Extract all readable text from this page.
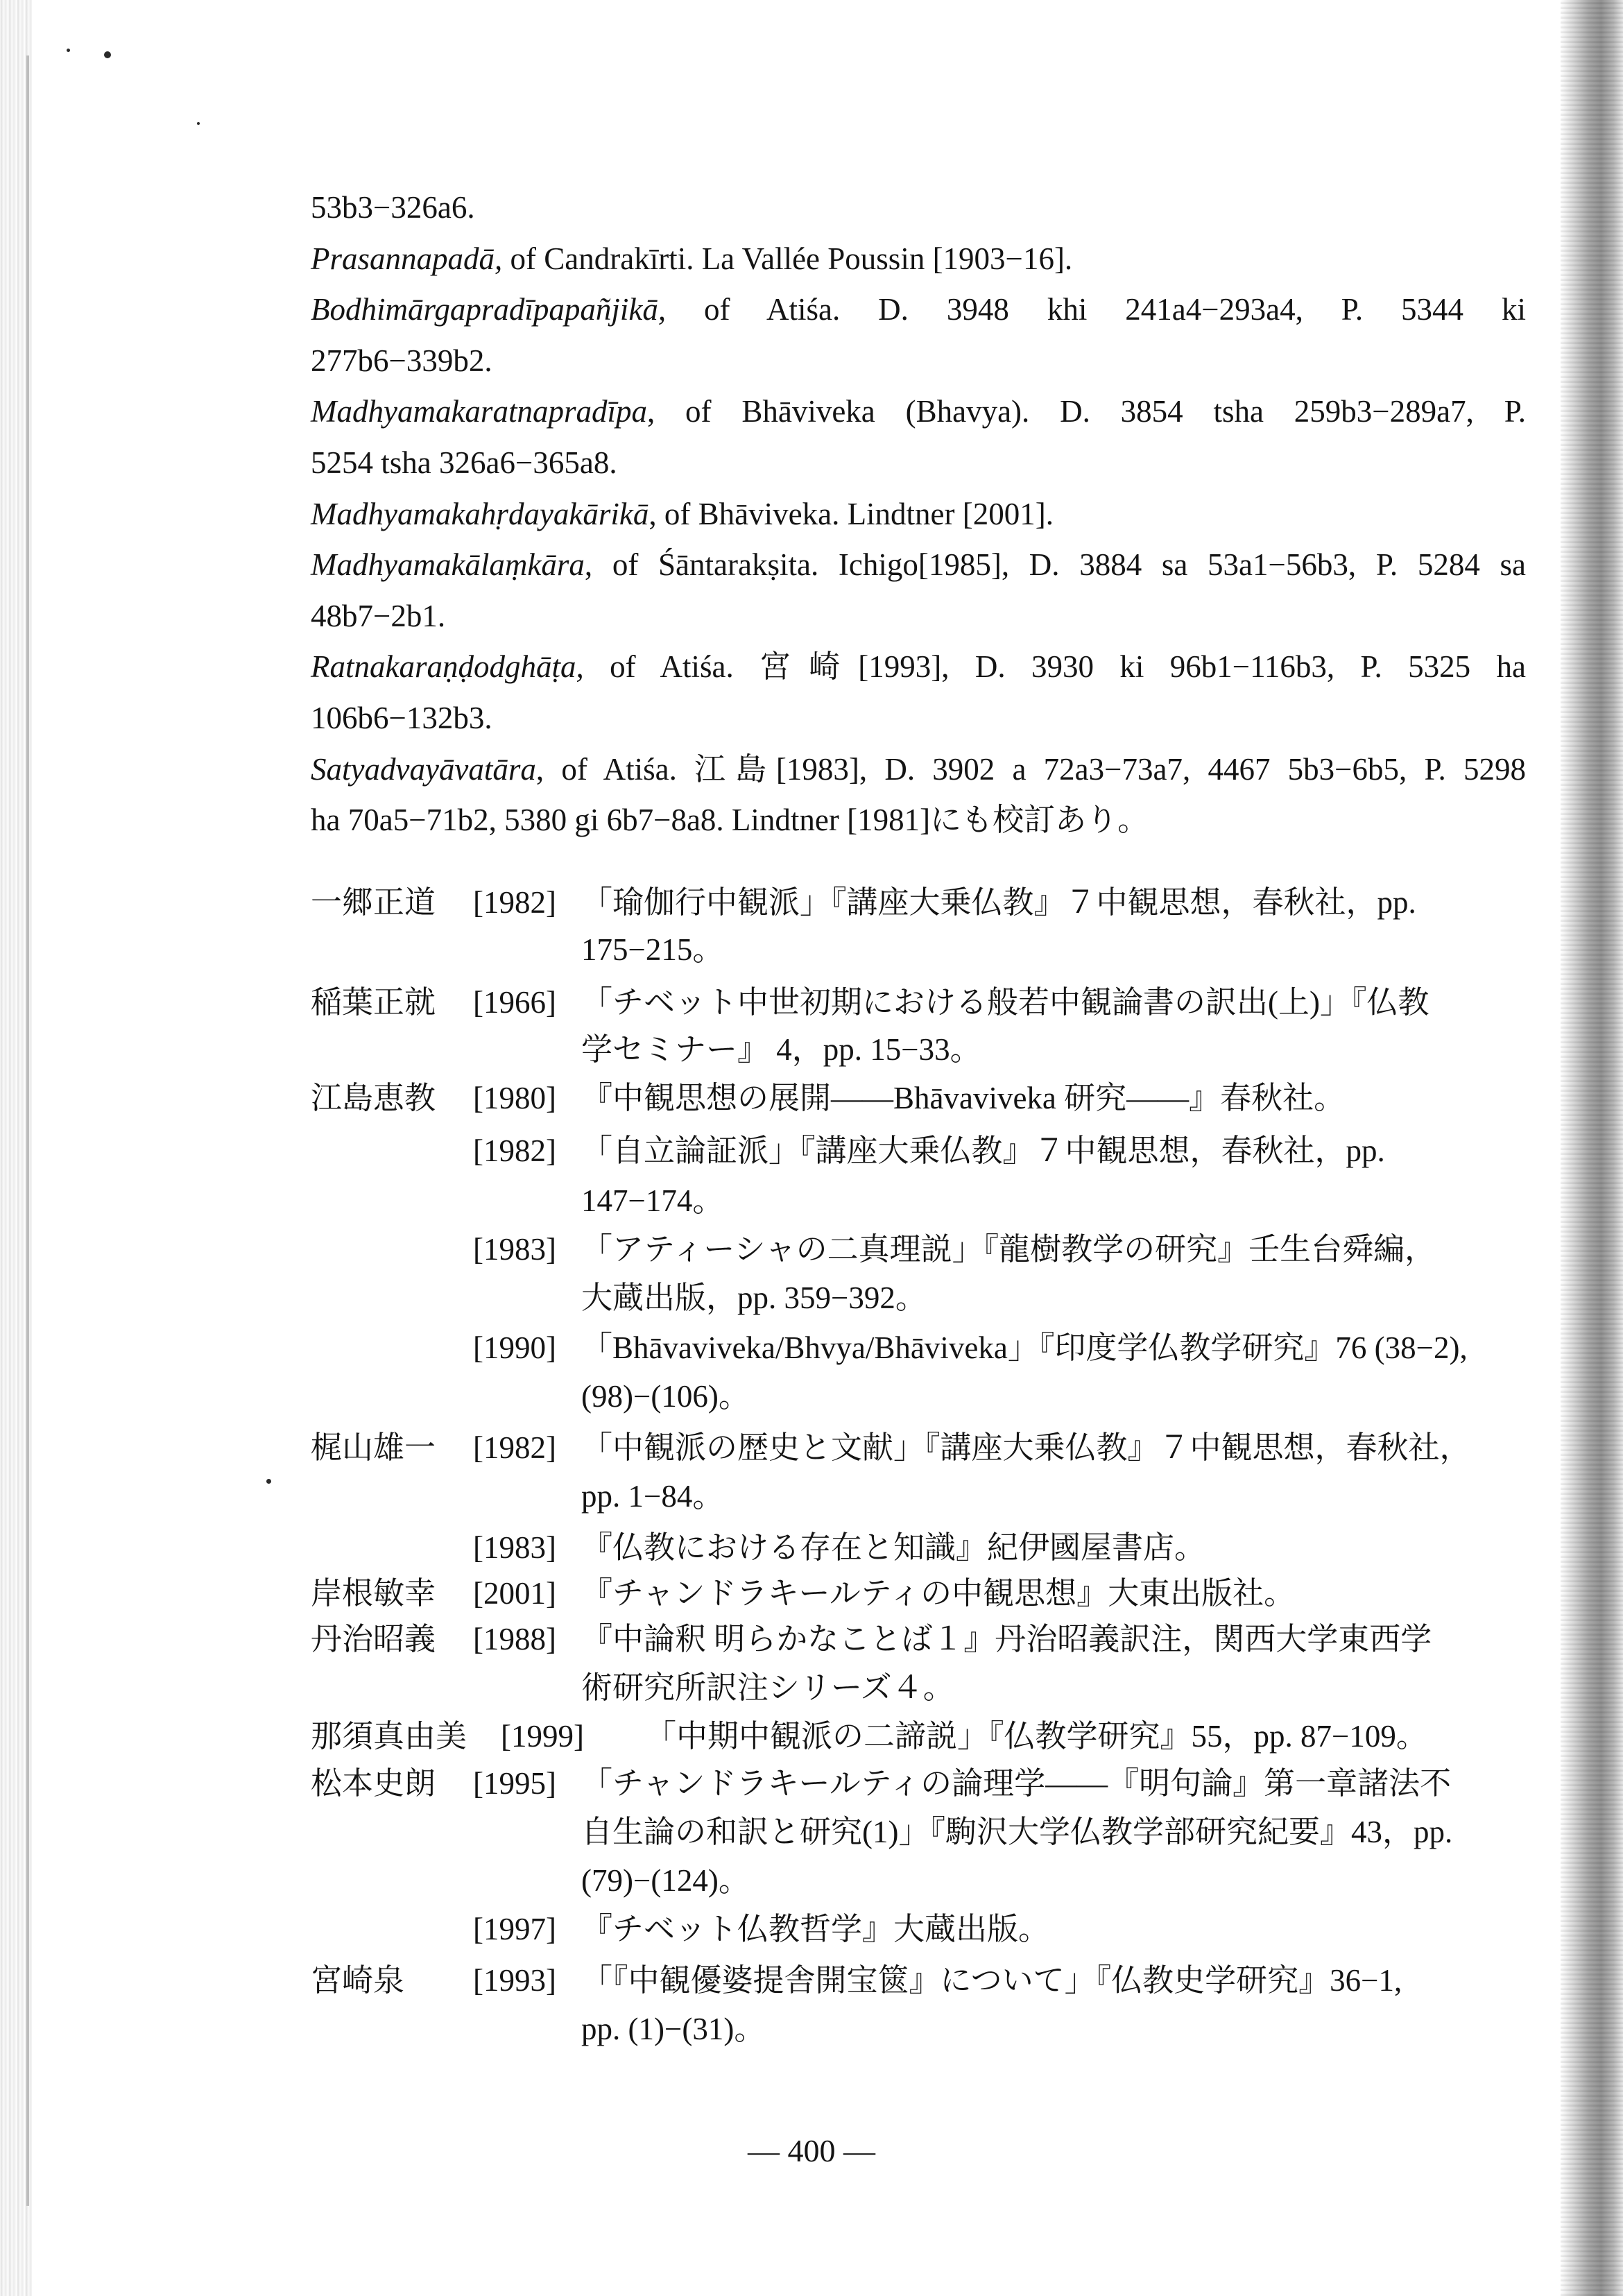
53b3−326a6.
Prasannapadā, of Candrakīrti. La Vallée Poussin [1903−16].
Bodhimārgapradīpapañjikā, of Atiśa. D. 3948 khi 241a4−293a4, P. 5344 ki
277b6−339b2.
Madhyamakaratnapradīpa, of Bhāviveka (Bhavya). D. 3854 tsha 259b3−289a7, P.
5254 tsha 326a6−365a8.
Madhyamakahṛdayakārikā, of Bhāviveka. Lindtner [2001].
Madhyamakālaṃkāra, of Śāntarakṣita. Ichigo[1985], D. 3884 sa 53a1−56b3, P. 5284 sa
48b7−2b1.
Ratnakaraṇḍodghāṭa, of Atiśa. 宮崎[1993], D. 3930 ki 96b1−116b3, P. 5325 ha
106b6−132b3.
Satyadvayāvatāra, of Atiśa. 江島[1983], D. 3902 a 72a3−73a7, 4467 5b3−6b5, P. 5298
ha 70a5−71b2, 5380 gi 6b7−8a8. Lindtner [1981]にも校訂あり。
一郷正道 [1982] 「瑜伽行中観派」『講座大乗仏教』７中観思想，春秋社，pp.
175−215。
稲葉正就 [1966] 「チベット中世初期における般若中観論書の訳出(上)」『仏教
学セミナー』 4，pp. 15−33。
江島恵教 [1980] 『中観思想の展開――Bhāvaviveka 研究――』春秋社。
[1982] 「自立論証派」『講座大乗仏教』７中観思想，春秋社，pp.
147−174。
[1983] 「アティーシャの二真理説」『龍樹教学の研究』壬生台舜編，
大蔵出版，pp. 359−392。
[1990] 「Bhāvaviveka/Bhvya/Bhāviveka」『印度学仏教学研究』76 (38−2),
(98)−(106)。
梶山雄一 [1982] 「中観派の歴史と文献」『講座大乗仏教』７中観思想，春秋社，
pp. 1−84。
[1983] 『仏教における存在と知識』紀伊國屋書店。
岸根敏幸 [2001] 『チャンドラキールティの中観思想』大東出版社。
丹治昭義 [1988] 『中論釈 明らかなことば１』丹治昭義訳注，関西大学東西学
術研究所訳注シリーズ４。
那須真由美 [1999] 「中期中観派の二諦説」『仏教学研究』55，pp. 87−109。
松本史朗 [1995] 「チャンドラキールティの論理学――『明句論』第一章諸法不
自生論の和訳と研究(1)」『駒沢大学仏教学部研究紀要』43，pp.
(79)−(124)。
[1997] 『チベット仏教哲学』大蔵出版。
宮崎泉 [1993] 「『中観優婆提舎開宝篋』について」『仏教史学研究』36−1,
pp. (1)−(31)。
— 400 —
